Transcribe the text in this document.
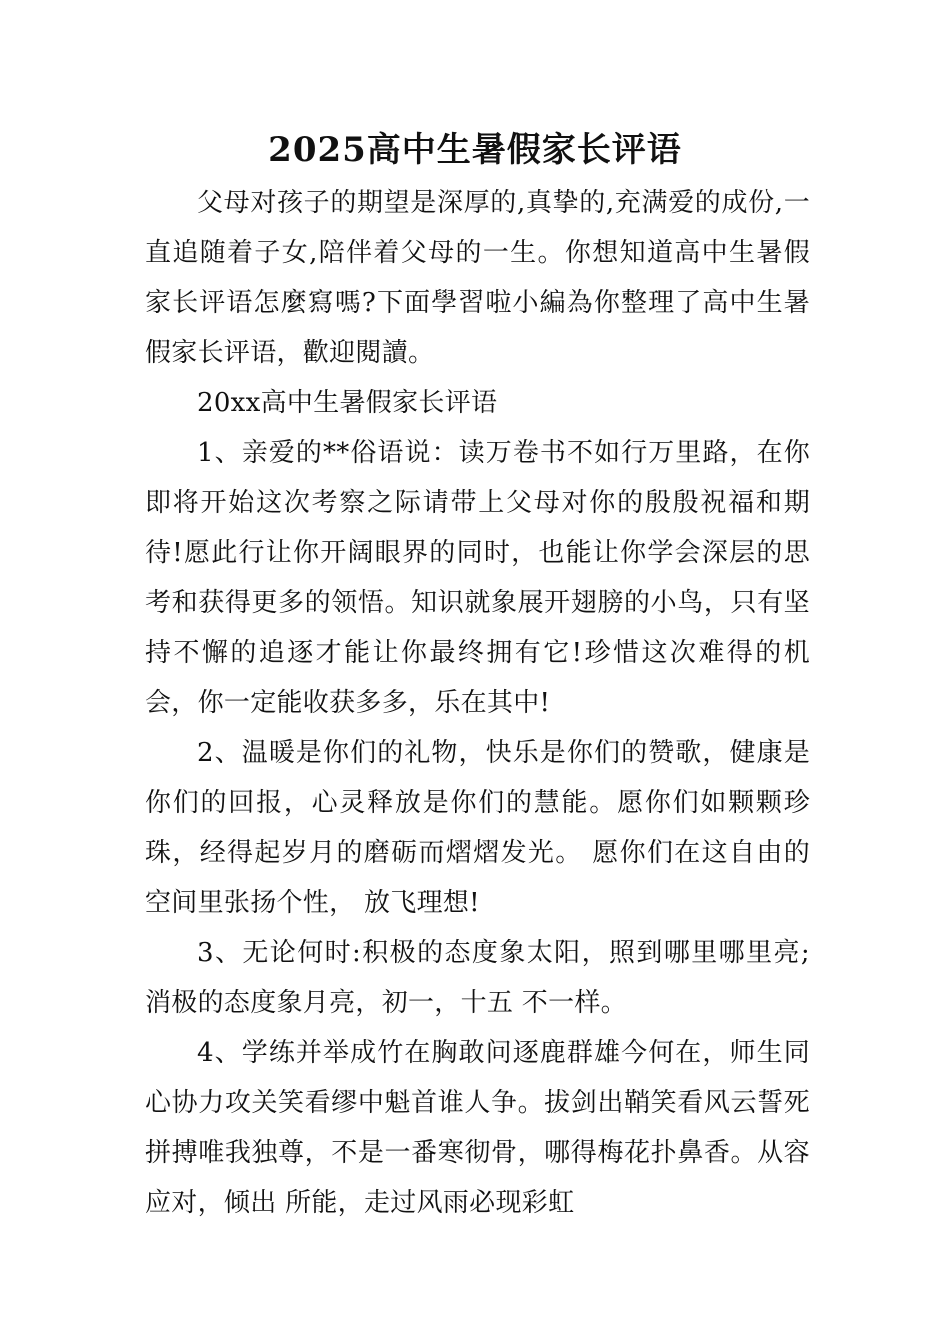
2025高中生暑假家长评语

父母对孩子的期望是深厚的,真挚的,充满爱的成份,一直追随着子女,陪伴着父母的一生。你想知道高中生暑假家长评语怎麼寫嗎?下面學習啦小編為你整理了高中生暑假家长评语，歡迎閱讀。

20xx高中生暑假家长评语

1、亲爱的**俗语说：读万卷书不如行万里路，在你即将开始这次考察之际请带上父母对你的殷殷祝福和期待!愿此行让你开阔眼界的同时，也能让你学会深层的思考和获得更多的领悟。知识就象展开翅膀的小鸟，只有坚持不懈的追逐才能让你最终拥有它!珍惜这次难得的机会，你一定能收获多多，乐在其中!

2、温暖是你们的礼物，快乐是你们的赞歌，健康是你们的回报，心灵释放是你们的慧能。愿你们如颗颗珍珠，经得起岁月的磨砺而熠熠发光。 愿你们在这自由的空间里张扬个性， 放飞理想!

3、无论何时:积极的态度象太阳，照到哪里哪里亮;消极的态度象月亮，初一，十五 不一样。

4、学练并举成竹在胸敢问逐鹿群雄今何在，师生同心协力攻关笑看缪中魁首谁人争。拔剑出鞘笑看风云誓死拼搏唯我独尊，不是一番寒彻骨，哪得梅花扑鼻香。从容应对，倾出 所能，走过风雨必现彩虹
